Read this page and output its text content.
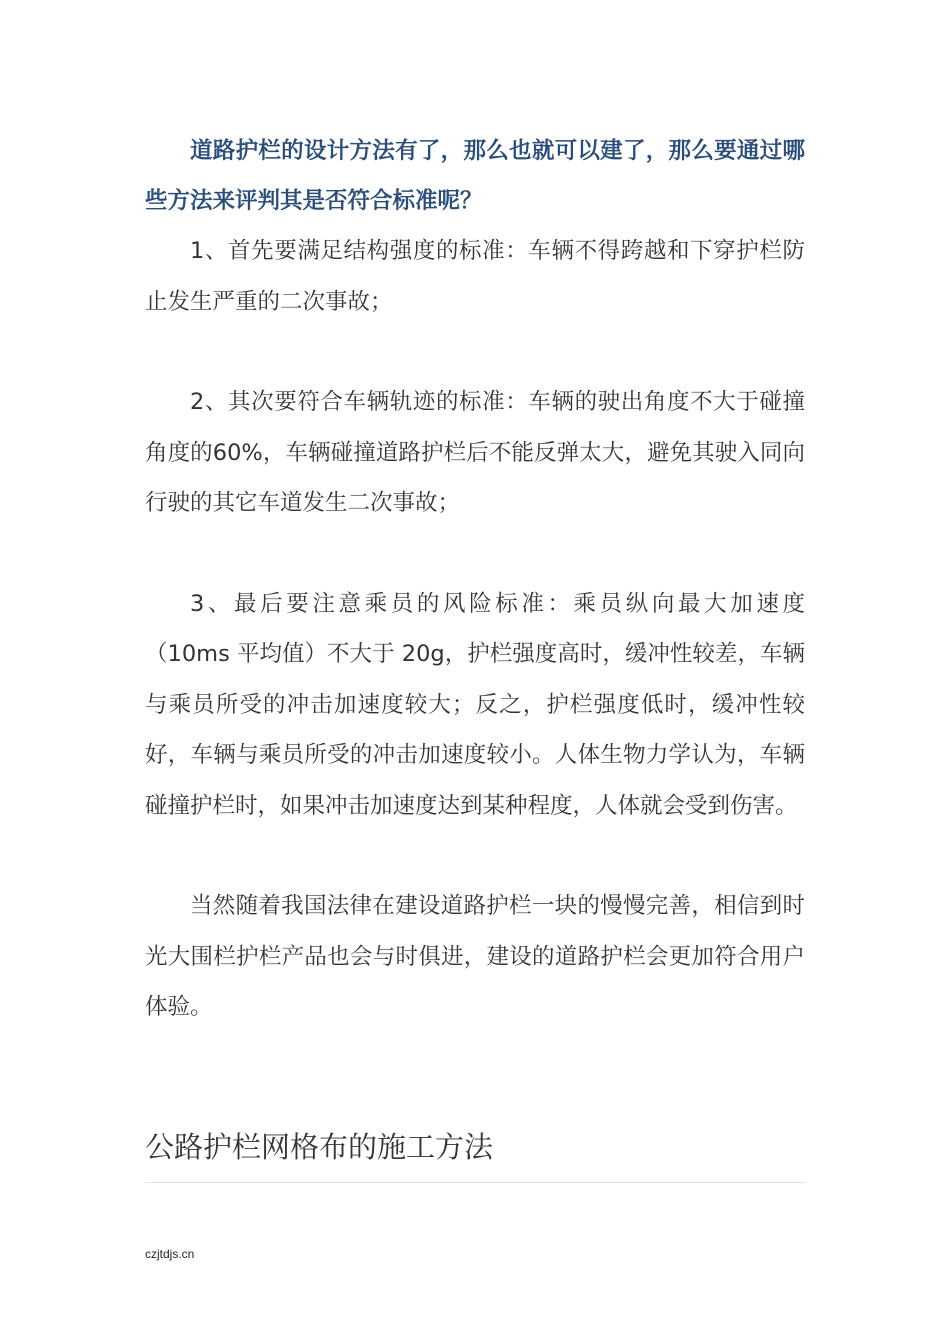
道路护栏的设计方法有了，那么也就可以建了，那么要通过哪些方法来评判其是否符合标准呢？

1、首先要满足结构强度的标准：车辆不得跨越和下穿护栏防止发生严重的二次事故；

2、其次要符合车辆轨迹的标准：车辆的驶出角度不大于碰撞角度的60%，车辆碰撞道路护栏后不能反弹太大，避免其驶入同向行驶的其它车道发生二次事故；

3、最后要注意乘员的风险标准：乘员纵向最大加速度（10ms 平均值）不大于 20g，护栏强度高时，缓冲性较差，车辆与乘员所受的冲击加速度较大；反之，护栏强度低时，缓冲性较好，车辆与乘员所受的冲击加速度较小。人体生物力学认为，车辆碰撞护栏时，如果冲击加速度达到某种程度，人体就会受到伤害。

当然随着我国法律在建设道路护栏一块的慢慢完善，相信到时光大围栏护栏产品也会与时俱进，建设的道路护栏会更加符合用户体验。

公路护栏网格布的施工方法
czjtdjs.cn
